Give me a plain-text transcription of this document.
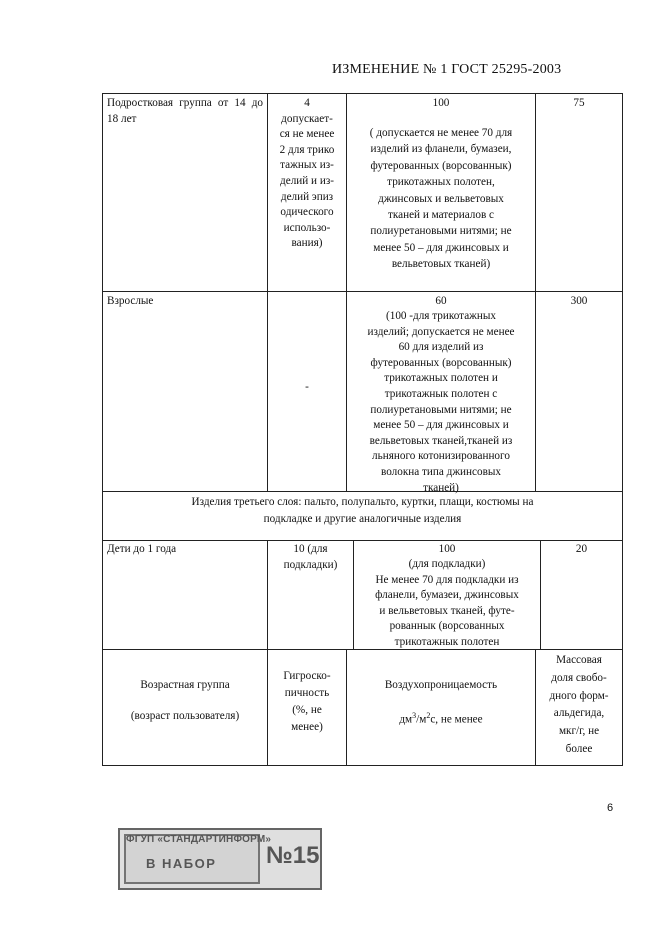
ИЗМЕНЕНИЕ № 1 ГОСТ 25295-2003
Подростковая группа от 14 до 18 лет
4
допускает-
ся не менее
2 для трико
тажных из-
делий и из-
делий эпиз
одического
использо-
вания)
100
( допускается не менее 70 для
изделий из фланели, бумазеи,
футерованных (ворсованнык)
трикотажных полотен,
джинсовых и вельветовых
тканей и материалов с
полиуретановыми нитями; не
менее 50 – для джинсовых и
вельветовых тканей)
75
Взрослые
-
60
(100 -для трикотажных
изделий; допускается не менее
60 для изделий из
футерованных (ворсованнык)
трикотажных полотен и
трикотажнык полотен с
полиуретановыми нитями; не
менее 50 – для джинсовых и
вельветовых тканей,тканей из
льняного котонизированного
волокна типа джинсовых
тканей)
300
Изделия третьего слоя: пальто, полупальто, куртки, плащи, костюмы на
подкладке и другие аналогичные изделия
Дети до 1 года	10 (для
подкладки)
100
(для подкладки)
Не менее 70 для подкладки из
фланели, бумазеи, джинсовых
и вельветовых тканей, футе-
рованнык (ворсованных
трикотажнык полотен
20
Возрастная группа

(возраст пользователя)
Гигроско-
пичность
(%, не
менее)
Воздухопроницаемость
$дм^3/м^2с$, не менее
Массовая
доля свобо-
дного форм-
альдегида,
мкг/г, не
более
6
ФГУП «СТАНДАРТИНФОРМ»
В НАБОР №15
